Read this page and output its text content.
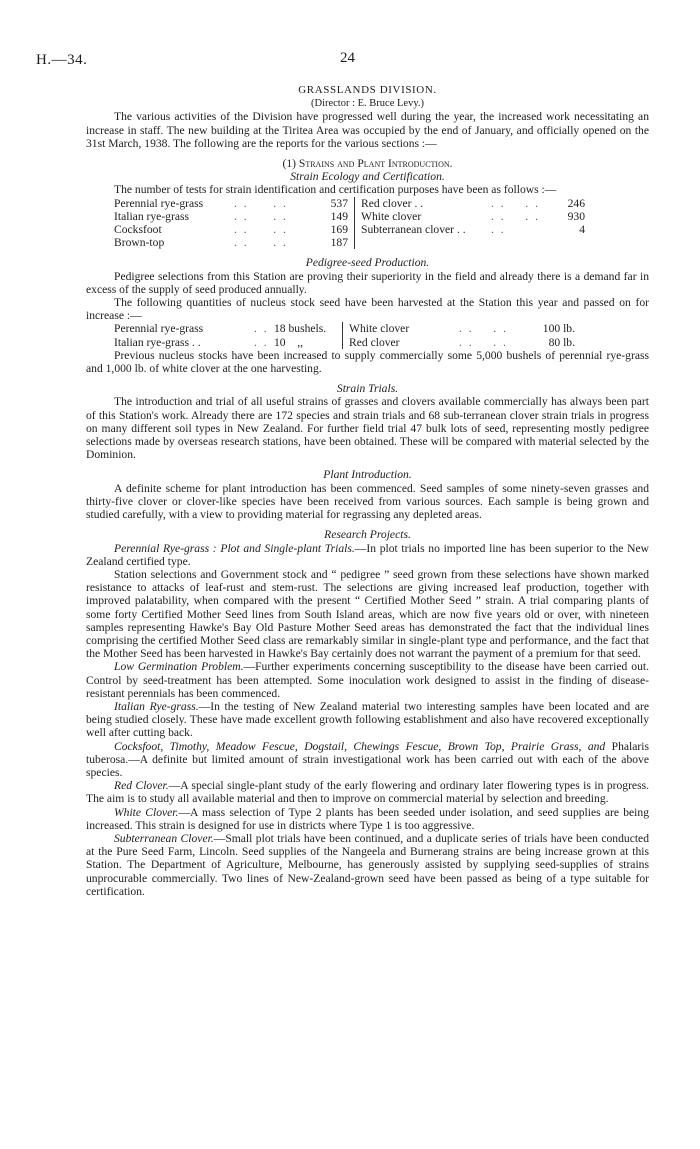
H.—34.	24
GRASSLANDS DIVISION.
(Director : E. Bruce Levy.)

The various activities of the Division have progressed well during the year, the increased work necessitating an increase in staff. The new building at the Tiritea Area was occupied by the end of January, and officially opened on the 31st March, 1938. The following are the reports for the various sections :—

(1) Strains and Plant Introduction.
Strain Ecology and Certification.

The number of tests for strain identification and certification purposes have been as follows :—

Perennial rye-grass	. .     . .	537	Red clover . .	. .    . .	246
Italian rye-grass	. .     . .	149	White clover	. .    . .	930
Cocksfoot	. .     . .	169	Subterranean clover . .	. .	4
Brown-top	. .     . .	187			
Pedigree-seed Production.

Pedigree selections from this Station are proving their superiority in the field and already there is a demand far in excess of the supply of seed produced annually.

The following quantities of nucleus stock seed have been harvested at the Station this year and passed on for increase :—

Perennial rye-grass	. .	18 bushels.	White clover	. .    . .	100 lb.
Italian rye-grass . .	. .	10    ,,	Red clover	. .    . .	80 lb.

Previous nucleus stocks have been increased to supply commercially some 5,000 bushels of perennial rye-grass and 1,000 lb. of white clover at the one harvesting.

Strain Trials.

The introduction and trial of all useful strains of grasses and clovers available commercially has always been part of this Station's work. Already there are 172 species and strain trials and 68 sub-terranean clover strain trials in progress on many different soil types in New Zealand. For further field trial 47 bulk lots of seed, representing mostly pedigree selections made by overseas research stations, have been obtained. These will be compared with material selected by the Dominion.

Plant Introduction.

A definite scheme for plant introduction has been commenced. Seed samples of some ninety-seven grasses and thirty-five clover or clover-like species have been received from various sources. Each sample is being grown and studied carefully, with a view to providing material for regrassing any depleted areas.

Research Projects.

Perennial Rye-grass : Plot and Single-plant Trials.—In plot trials no imported line has been superior to the New Zealand certified type.

Station selections and Government stock and “ pedigree ” seed grown from these selections have shown marked resistance to attacks of leaf-rust and stem-rust. The selections are giving increased leaf production, together with improved palatability, when compared with the present “ Certified Mother Seed ” strain. A trial comparing plants of some forty Certified Mother Seed lines from South Island areas, which are now five years old or over, with nineteen samples representing Hawke's Bay Old Pasture Mother Seed areas has demonstrated the fact that the individual lines comprising the certified Mother Seed class are remarkably similar in single-plant type and performance, and the fact that the Mother Seed has been harvested in Hawke's Bay certainly does not warrant the payment of a premium for that seed.

Low Germination Problem.—Further experiments concerning susceptibility to the disease have been carried out. Control by seed-treatment has been attempted. Some inoculation work designed to assist in the finding of disease-resistant perennials has been commenced.

Italian Rye-grass.—In the testing of New Zealand material two interesting samples have been located and are being studied closely. These have made excellent growth following establishment and also have recovered exceptionally well after cutting back.

Cocksfoot, Timothy, Meadow Fescue, Dogstail, Chewings Fescue, Brown Top, Prairie Grass, and Phalaris tuberosa.—A definite but limited amount of strain investigational work has been carried out with each of the above species.

Red Clover.—A special single-plant study of the early flowering and ordinary later flowering types is in progress. The aim is to study all available material and then to improve on commercial material by selection and breeding.

White Clover.—A mass selection of Type 2 plants has been seeded under isolation, and seed supplies are being increased. This strain is designed for use in districts where Type 1 is too aggressive.

Subterranean Clover.—Small plot trials have been continued, and a duplicate series of trials have been conducted at the Pure Seed Farm, Lincoln. Seed supplies of the Nangeela and Burnerang strains are being increase grown at this Station. The Department of Agriculture, Melbourne, has generously assisted by supplying seed-supplies of strains unprocurable commercially. Two lines of New-Zealand-grown seed have been passed as being of a type suitable for certification.
